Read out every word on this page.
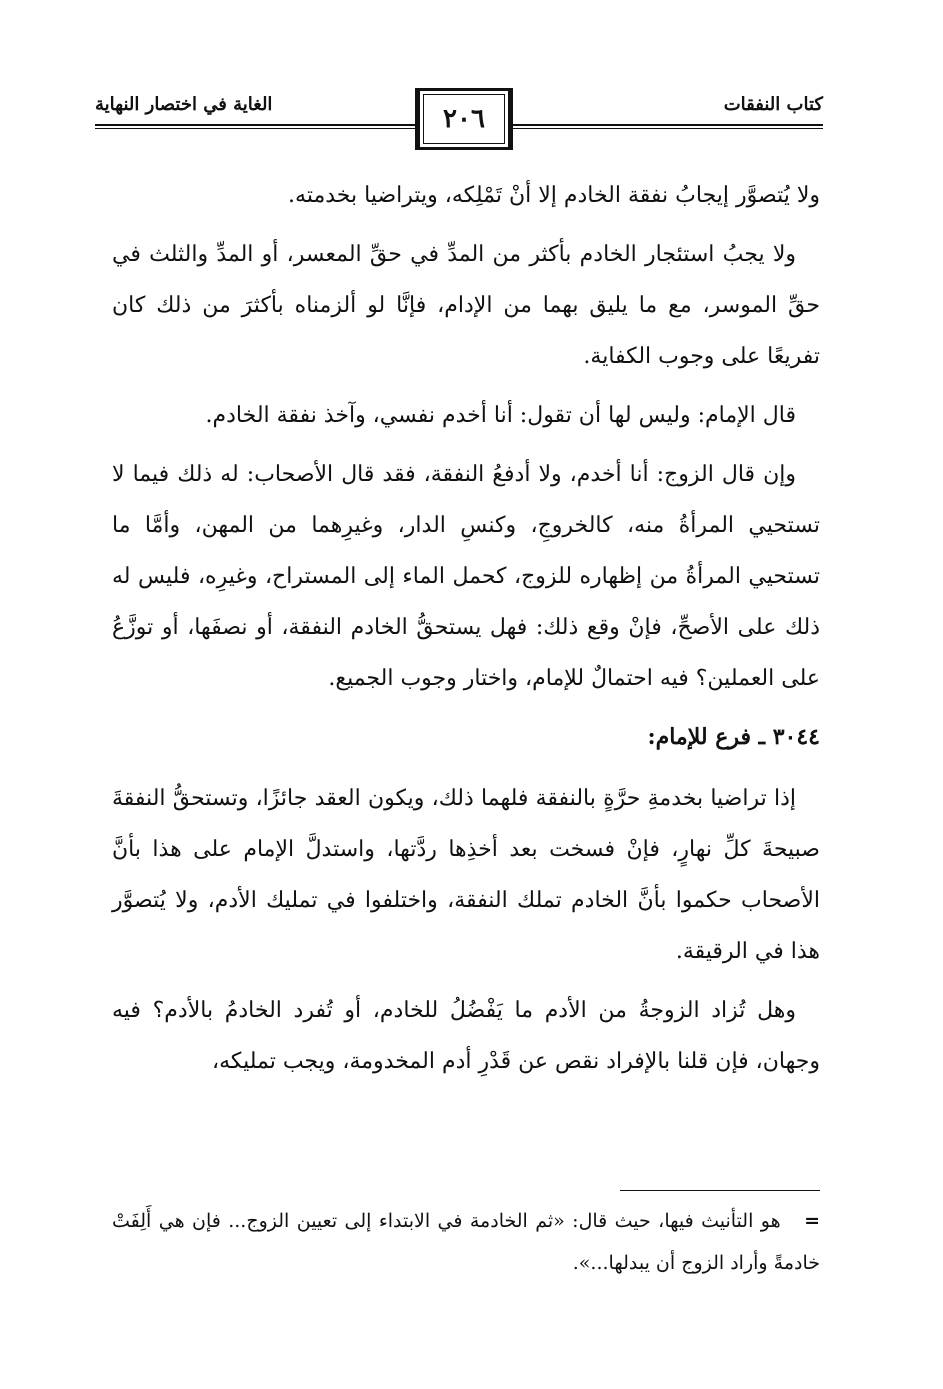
كتاب النفقات
الغاية في اختصار النهاية	٢٠٦

ولا يُتصوَّر إيجابُ نفقة الخادم إلا أنْ تَمْلِكه، ويتراضيا بخدمته.

ولا يجبُ استئجار الخادم بأكثر من المدِّ في حقِّ المعسر، أو المدِّ والثلث في حقِّ الموسر، مع ما يليق بهما من الإدام، فإنَّا لو ألزمناه بأكثرَ من ذلك كان تفريعًا على وجوب الكفاية.

قال الإمام: وليس لها أن تقول: أنا أخدم نفسي، وآخذ نفقة الخادم.

وإن قال الزوج: أنا أخدم، ولا أدفعُ النفقة، فقد قال الأصحاب: له ذلك فيما لا تستحيي المرأةُ منه، كالخروجِ، وكنسِ الدار، وغيرِهما من المهن، وأمَّا ما تستحيي المرأةُ من إظهاره للزوج، كحمل الماء إلى المستراح، وغيرِه، فليس له ذلك على الأصحِّ، فإنْ وقع ذلك: فهل يستحقُّ الخادم النفقة، أو نصفَها، أو توزَّعُ على العملين؟ فيه احتمالٌ للإمام، واختار وجوب الجميع.

٣٠٤٤ ـ فرع للإمام:

إذا تراضيا بخدمةِ حرَّةٍ بالنفقة فلهما ذلك، ويكون العقد جائزًا، وتستحقُّ النفقةَ صبيحةَ كلِّ نهارٍ، فإنْ فسخت بعد أخذِها ردَّتها، واستدلَّ الإمام على هذا بأنَّ الأصحاب حكموا بأنَّ الخادم تملك النفقة، واختلفوا في تمليك الأدم، ولا يُتصوَّر هذا في الرقيقة.

وهل تُزاد الزوجةُ من الأدم ما يَفْضُلُ للخادم، أو تُفرد الخادمُ بالأدم؟ فيه وجهان، فإن قلنا بالإفراد نقص عن قَدْرِ أدم المخدومة، ويجب تمليكه،

= هو التأنيث فيها، حيث قال: «ثم الخادمة في الابتداء إلى تعيين الزوج... فإن هي أَلِفَتْ خادمةً وأراد الزوج أن يبدلها...».
